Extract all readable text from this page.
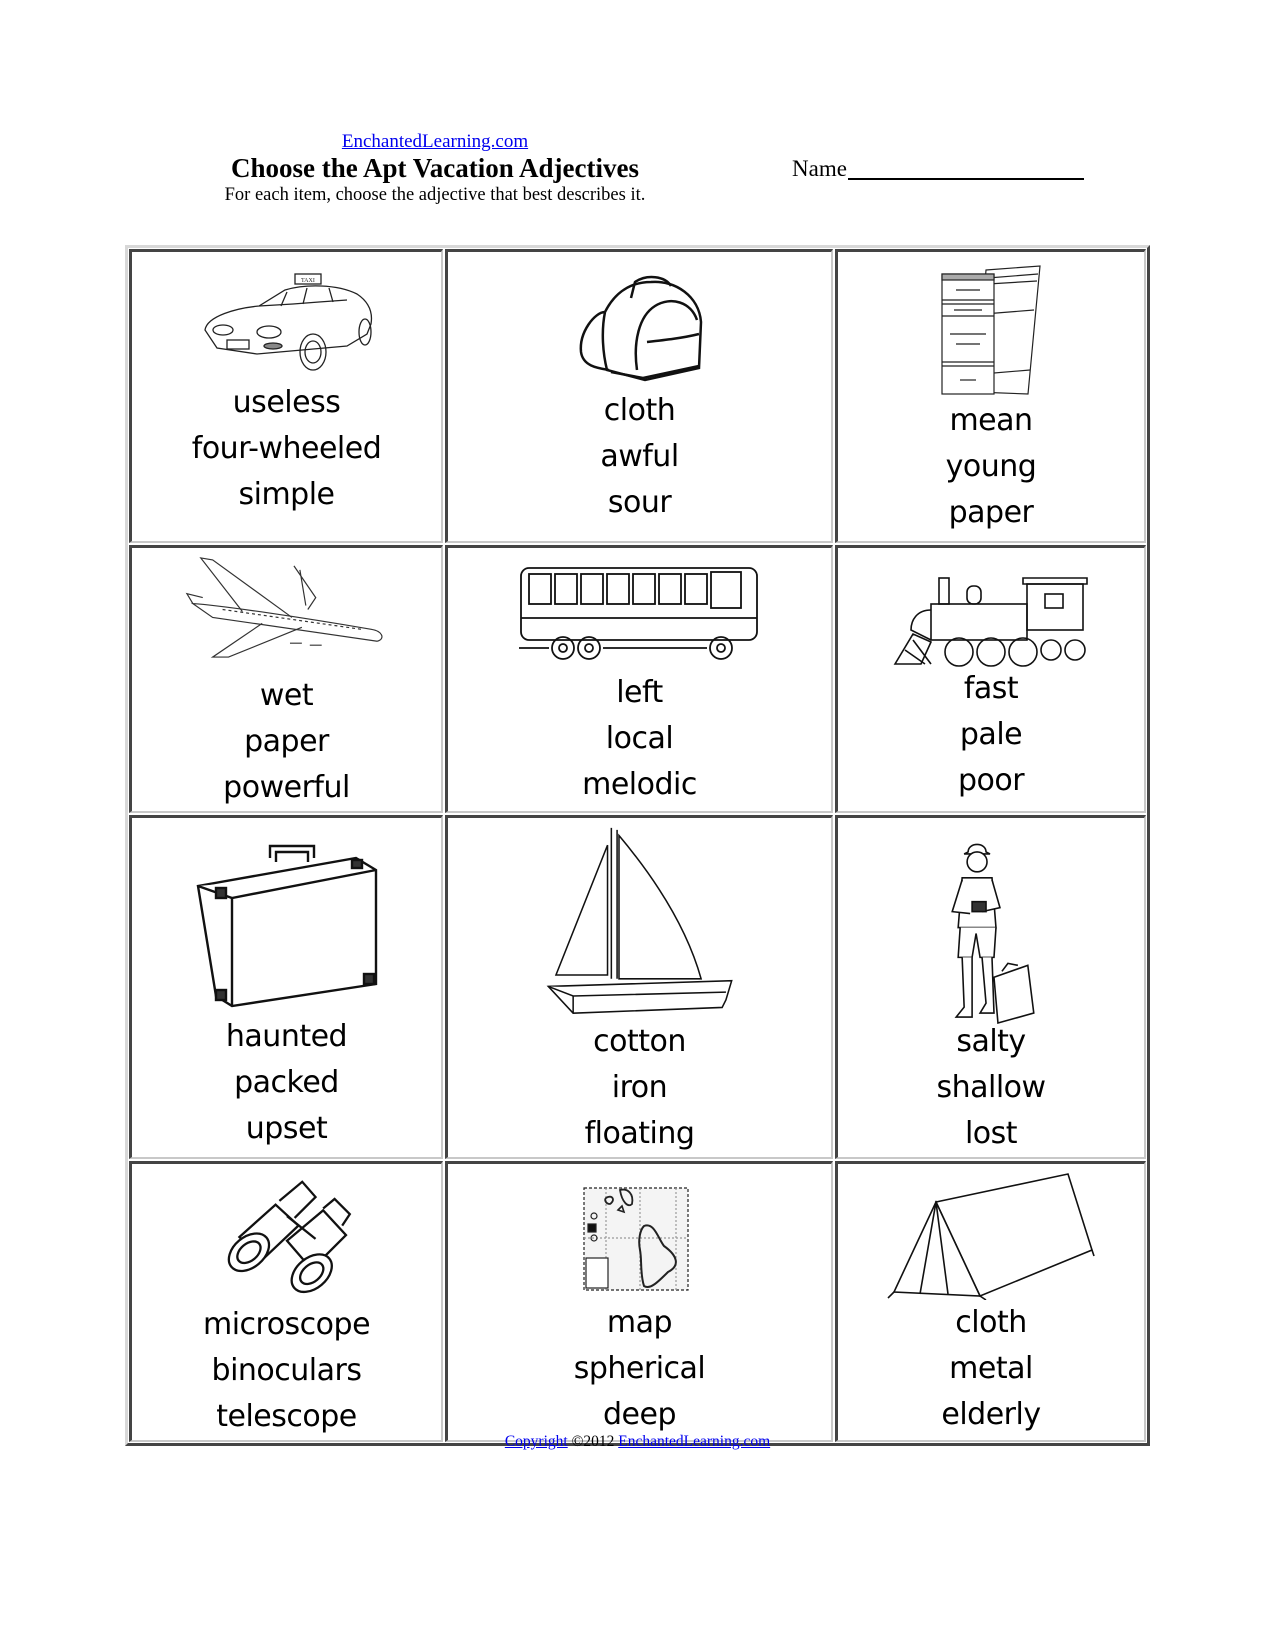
EnchantedLearning.com
Choose the Apt Vacation Adjectives
For each item, choose the adjective that best describes it.
Name
TAXI
useless
four-wheeled
simple
cloth
awful
sour
mean
young
paper
wet
paper
powerful
left
local
melodic
fast
pale
poor
haunted
packed
upset
cotton
iron
floating
salty
shallow
lost
microscope
binoculars
telescope
map
spherical
deep
cloth
metal
elderly
Copyright ©2012 EnchantedLearning.com
